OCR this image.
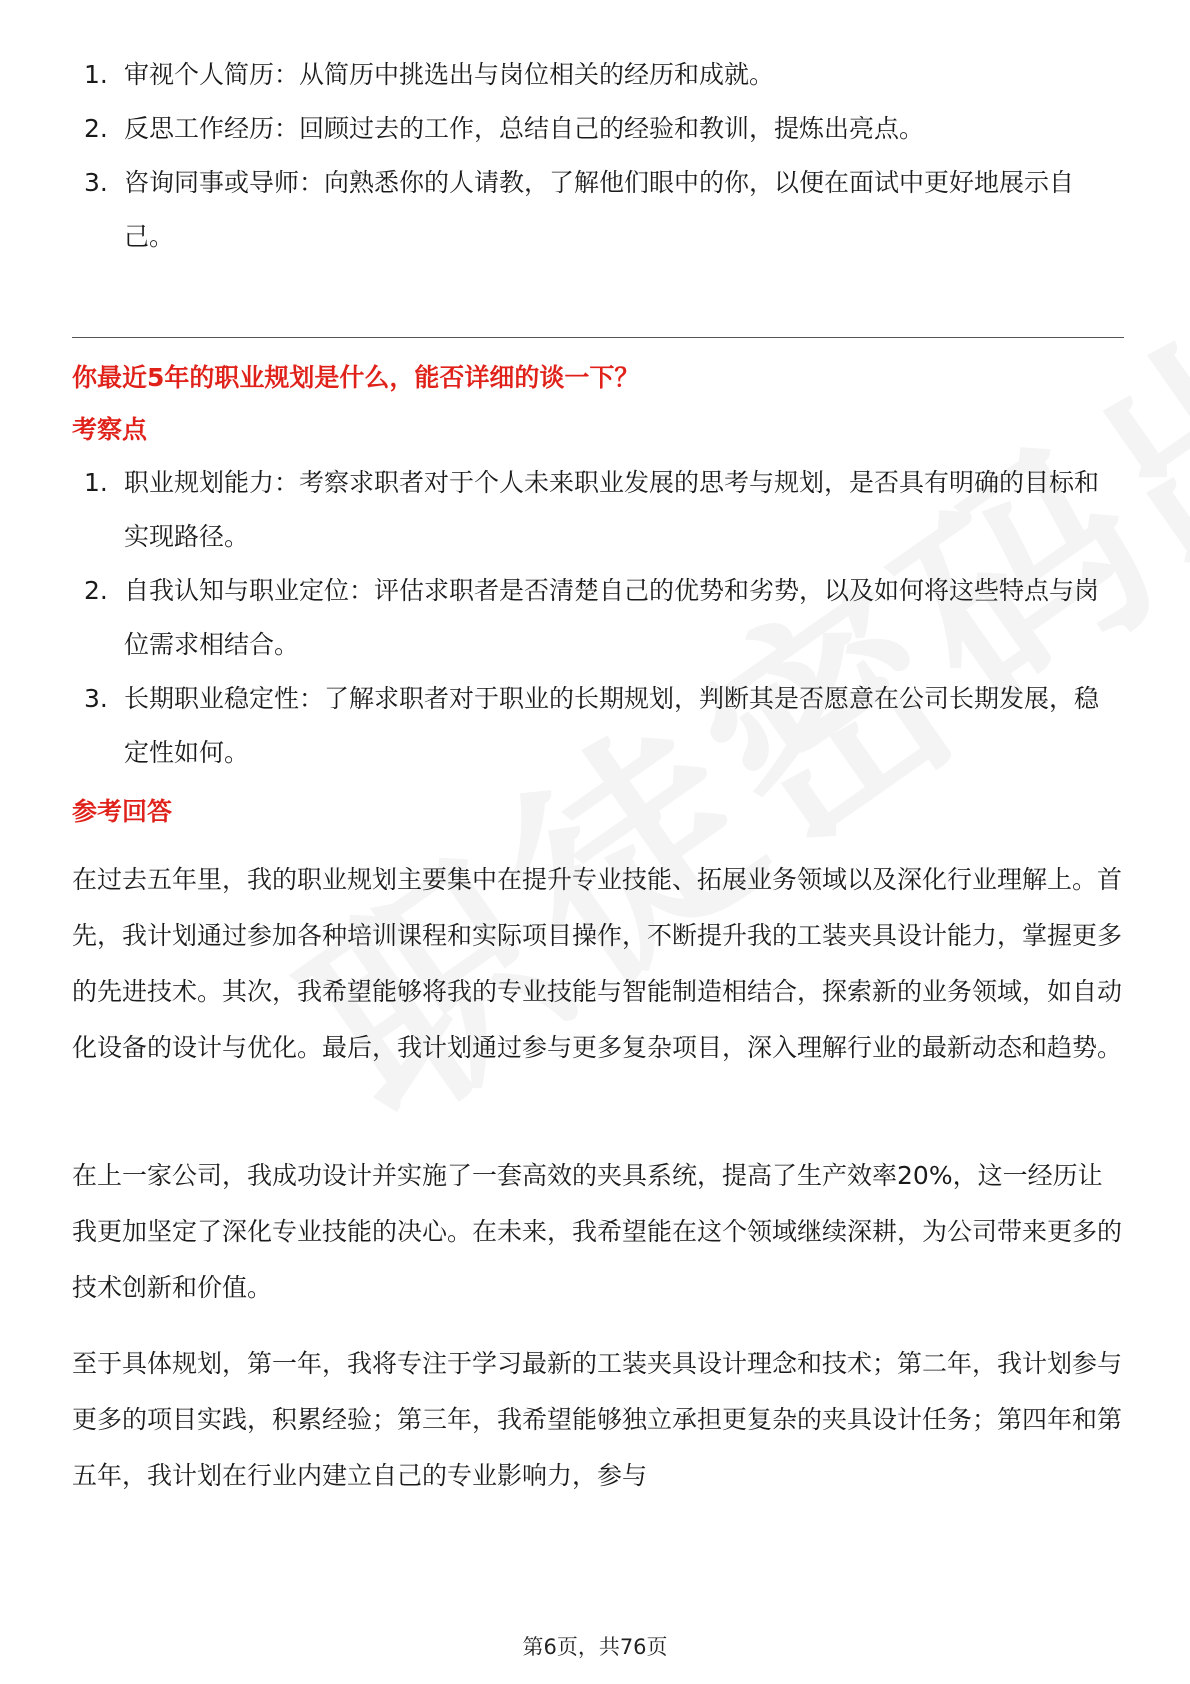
1. 审视个人简历：从简历中挑选出与岗位相关的经历和成就。
2. 反思工作经历：回顾过去的工作，总结自己的经验和教训，提炼出亮点。
3. 咨询同事或导师：向熟悉你的人请教，了解他们眼中的你，以便在面试中更好地展示自己。
你最近5年的职业规划是什么，能否详细的谈一下？
考察点
1. 职业规划能力：考察求职者对于个人未来职业发展的思考与规划，是否具有明确的目标和实现路径。
2. 自我认知与职业定位：评估求职者是否清楚自己的优势和劣势，以及如何将这些特点与岗位需求相结合。
3. 长期职业稳定性：了解求职者对于职业的长期规划，判断其是否愿意在公司长期发展，稳定性如何。
参考回答

在过去五年里，我的职业规划主要集中在提升专业技能、拓展业务领域以及深化行业理解上。首先，我计划通过参加各种培训课程和实际项目操作，不断提升我的工装夹具设计能力，掌握更多的先进技术。其次，我希望能够将我的专业技能与智能制造相结合，探索新的业务领域，如自动化设备的设计与优化。最后，我计划通过参与更多复杂项目，深入理解行业的最新动态和趋势。

在上一家公司，我成功设计并实施了一套高效的夹具系统，提高了生产效率20%，这一经历让我更加坚定了深化专业技能的决心。在未来，我希望能在这个领域继续深耕，为公司带来更多的技术创新和价值。

至于具体规划，第一年，我将专注于学习最新的工装夹具设计理念和技术；第二年，我计划参与更多的项目实践，积累经验；第三年，我希望能够独立承担更复杂的夹具设计任务；第四年和第五年，我计划在行业内建立自己的专业影响力，参与

第6页，共76页
